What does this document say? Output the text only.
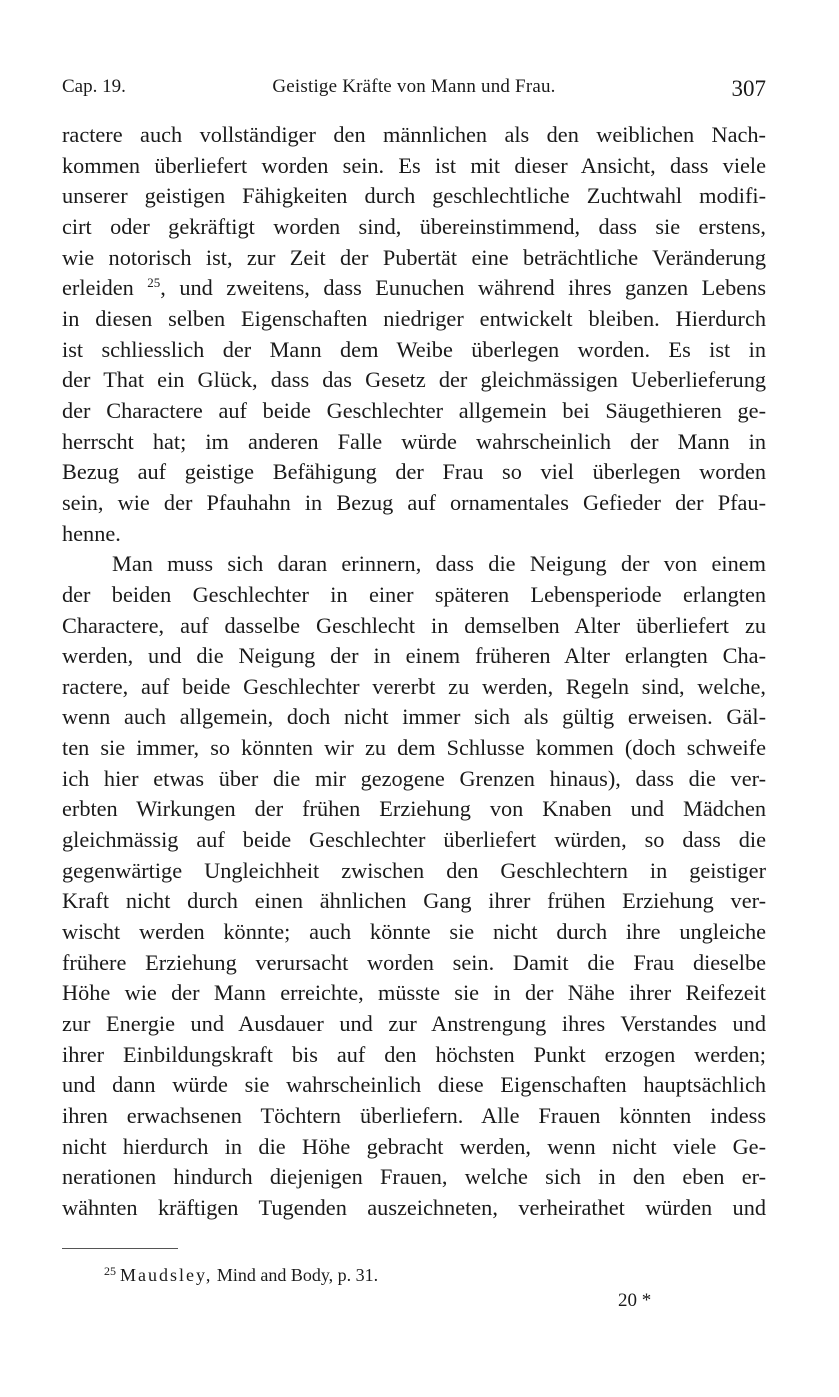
Cap. 19.	Geistige Kräfte von Mann und Frau.	307
ractere auch vollständiger den männlichen als den weiblichen Nach-
kommen überliefert worden sein. Es ist mit dieser Ansicht, dass viele
unserer geistigen Fähigkeiten durch geschlechtliche Zuchtwahl modifi-
cirt oder gekräftigt worden sind, übereinstimmend, dass sie erstens,
wie notorisch ist, zur Zeit der Pubertät eine beträchtliche Veränderung
erleiden $^{25}$, und zweitens, dass Eunuchen während ihres ganzen Lebens
in diesen selben Eigenschaften niedriger entwickelt bleiben. Hierdurch
ist schliesslich der Mann dem Weibe überlegen worden. Es ist in
der That ein Glück, dass das Gesetz der gleichmässigen Ueberlieferung
der Charactere auf beide Geschlechter allgemein bei Säugethieren ge-
herrscht hat; im anderen Falle würde wahrscheinlich der Mann in
Bezug auf geistige Befähigung der Frau so viel überlegen worden
sein, wie der Pfauhahn in Bezug auf ornamentales Gefieder der Pfau-
henne.
Man muss sich daran erinnern, dass die Neigung der von einem
der beiden Geschlechter in einer späteren Lebensperiode erlangten
Charactere, auf dasselbe Geschlecht in demselben Alter überliefert zu
werden, und die Neigung der in einem früheren Alter erlangten Cha-
ractere, auf beide Geschlechter vererbt zu werden, Regeln sind, welche,
wenn auch allgemein, doch nicht immer sich als gültig erweisen. Gäl-
ten sie immer, so könnten wir zu dem Schlusse kommen (doch schweife
ich hier etwas über die mir gezogene Grenzen hinaus), dass die ver-
erbten Wirkungen der frühen Erziehung von Knaben und Mädchen
gleichmässig auf beide Geschlechter überliefert würden, so dass die
gegenwärtige Ungleichheit zwischen den Geschlechtern in geistiger
Kraft nicht durch einen ähnlichen Gang ihrer frühen Erziehung ver-
wischt werden könnte; auch könnte sie nicht durch ihre ungleiche
frühere Erziehung verursacht worden sein. Damit die Frau dieselbe
Höhe wie der Mann erreichte, müsste sie in der Nähe ihrer Reifezeit
zur Energie und Ausdauer und zur Anstrengung ihres Verstandes und
ihrer Einbildungskraft bis auf den höchsten Punkt erzogen werden;
und dann würde sie wahrscheinlich diese Eigenschaften hauptsächlich
ihren erwachsenen Töchtern überliefern. Alle Frauen könnten indess
nicht hierdurch in die Höhe gebracht werden, wenn nicht viele Ge-
nerationen hindurch diejenigen Frauen, welche sich in den eben er-
wähnten kräftigen Tugenden auszeichneten, verheirathet würden und
$^{25}$ Maudsley, Mind and Body, p. 31.
20 *
